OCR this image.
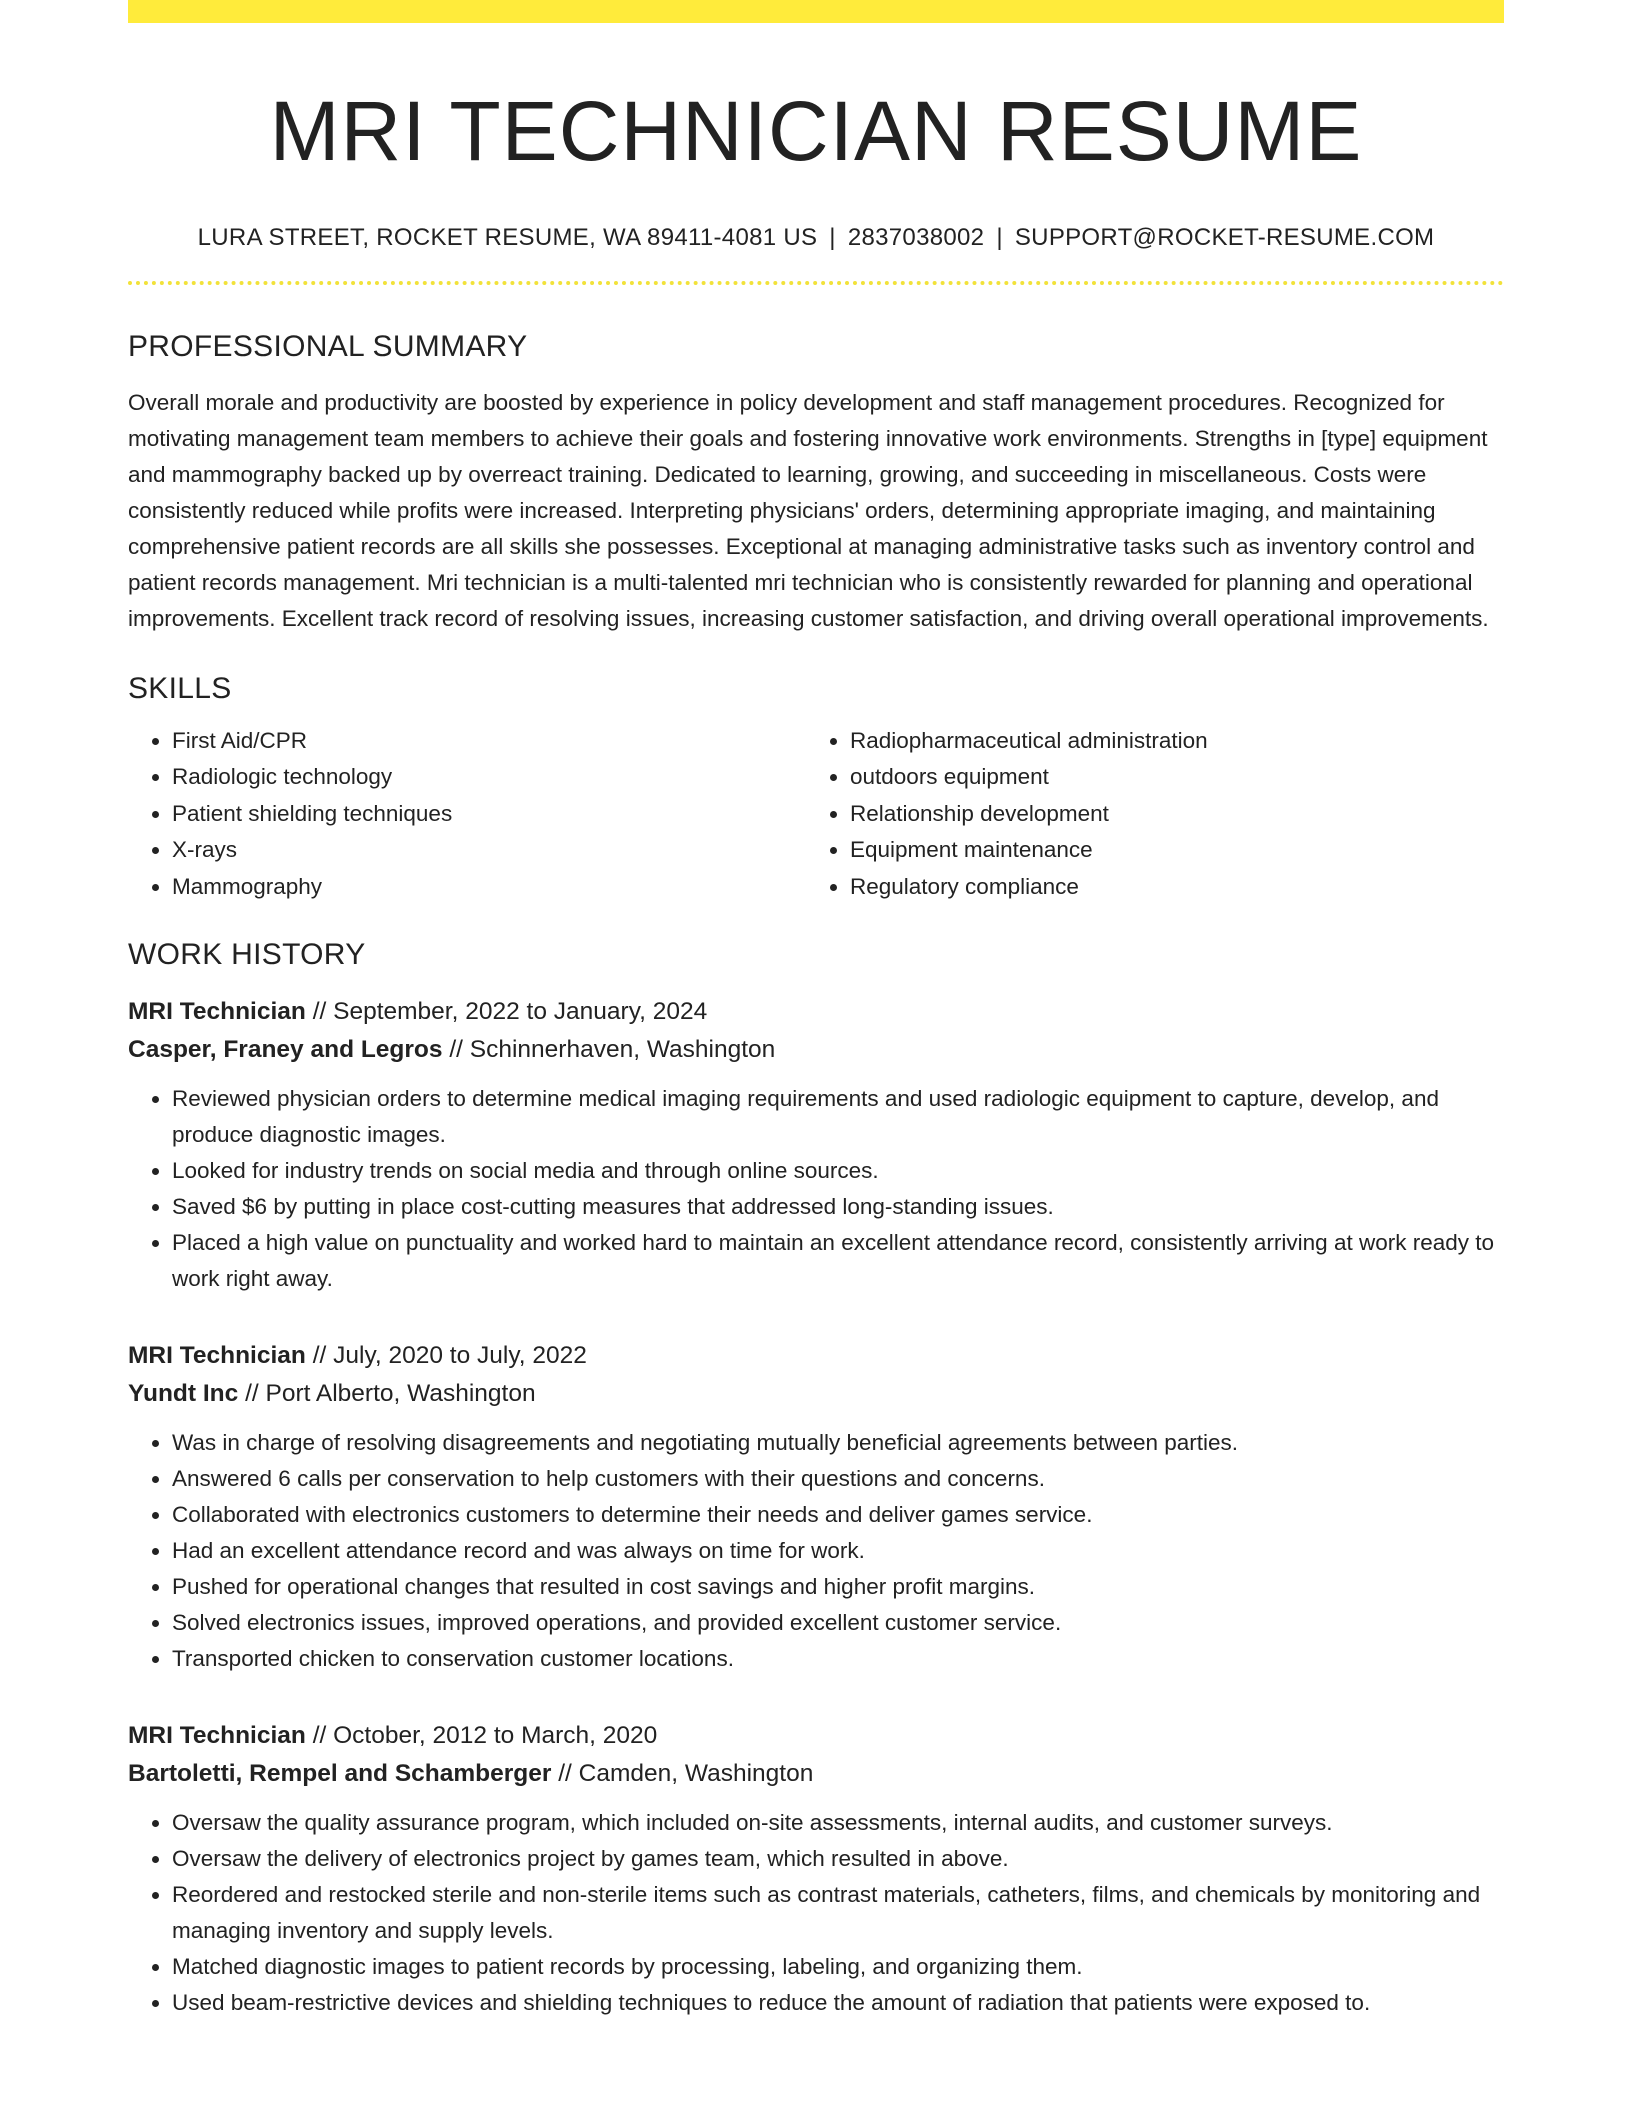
MRI TECHNICIAN RESUME
LURA STREET, ROCKET RESUME, WA 89411-4081 US | 2837038002 | SUPPORT@ROCKET-RESUME.COM
PROFESSIONAL SUMMARY

Overall morale and productivity are boosted by experience in policy development and staff management procedures. Recognized for motivating management team members to achieve their goals and fostering innovative work environments. Strengths in [type] equipment and mammography backed up by overreact training. Dedicated to learning, growing, and succeeding in miscellaneous. Costs were consistently reduced while profits were increased. Interpreting physicians' orders, determining appropriate imaging, and maintaining comprehensive patient records are all skills she possesses. Exceptional at managing administrative tasks such as inventory control and patient records management. Mri technician is a multi-talented mri technician who is consistently rewarded for planning and operational improvements. Excellent track record of resolving issues, increasing customer satisfaction, and driving overall operational improvements.

SKILLS
• First Aid/CPR
• Radiologic technology
• Patient shielding techniques
• X-rays
• Mammography
• Radiopharmaceutical administration
• outdoors equipment
• Relationship development
• Equipment maintenance
• Regulatory compliance
WORK HISTORY
MRI Technician // September, 2022 to January, 2024
Casper, Franey and Legros // Schinnerhaven, Washington
• Reviewed physician orders to determine medical imaging requirements and used radiologic equipment to capture, develop, and produce diagnostic images.
• Looked for industry trends on social media and through online sources.
• Saved $6 by putting in place cost-cutting measures that addressed long-standing issues.
• Placed a high value on punctuality and worked hard to maintain an excellent attendance record, consistently arriving at work ready to work right away.
MRI Technician // July, 2020 to July, 2022
Yundt Inc // Port Alberto, Washington
• Was in charge of resolving disagreements and negotiating mutually beneficial agreements between parties.
• Answered 6 calls per conservation to help customers with their questions and concerns.
• Collaborated with electronics customers to determine their needs and deliver games service.
• Had an excellent attendance record and was always on time for work.
• Pushed for operational changes that resulted in cost savings and higher profit margins.
• Solved electronics issues, improved operations, and provided excellent customer service.
• Transported chicken to conservation customer locations.
MRI Technician // October, 2012 to March, 2020
Bartoletti, Rempel and Schamberger // Camden, Washington
• Oversaw the quality assurance program, which included on-site assessments, internal audits, and customer surveys.
• Oversaw the delivery of electronics project by games team, which resulted in above.
• Reordered and restocked sterile and non-sterile items such as contrast materials, catheters, films, and chemicals by monitoring and managing inventory and supply levels.
• Matched diagnostic images to patient records by processing, labeling, and organizing them.
• Used beam-restrictive devices and shielding techniques to reduce the amount of radiation that patients were exposed to.
